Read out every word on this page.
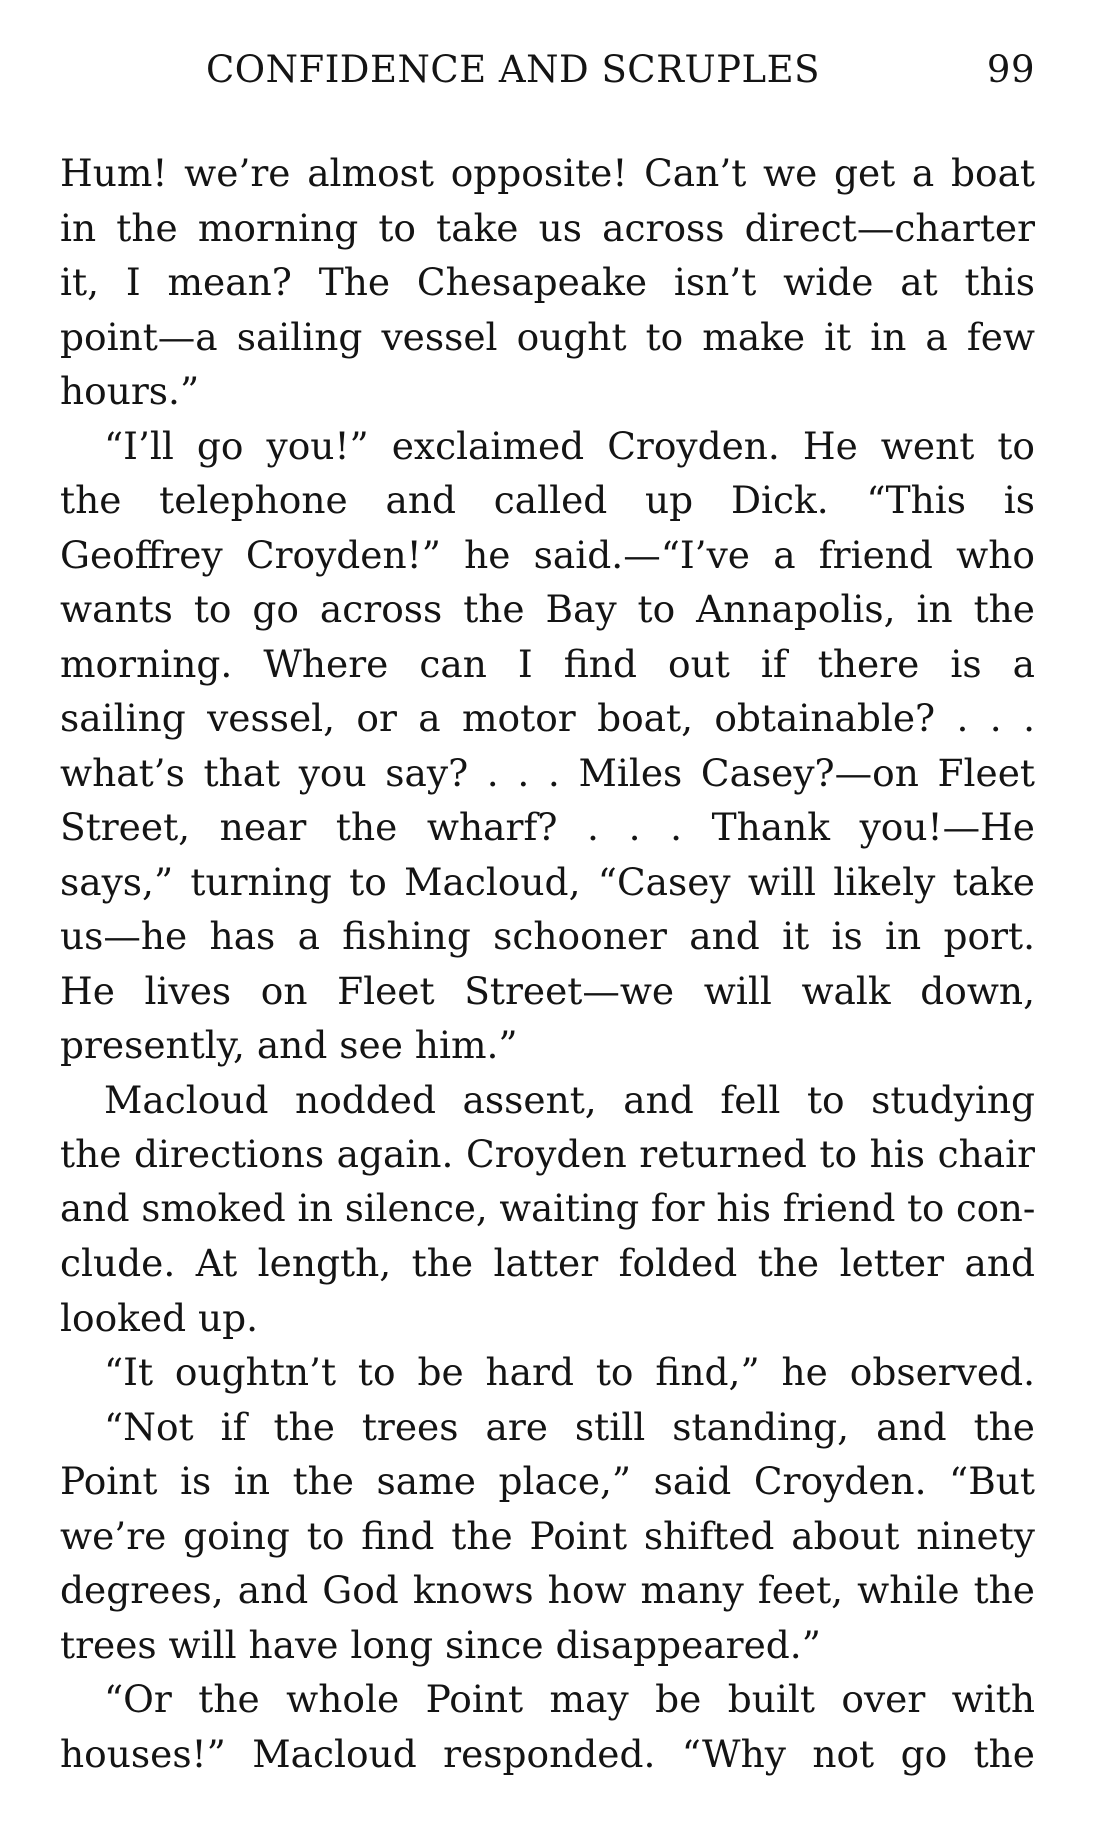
CONFIDENCE AND SCRUPLES	99
Hum! we’re almost opposite! Can’t we get a boat
in the morning to take us across direct—charter
it, I mean? The Chesapeake isn’t wide at this
point—a sailing vessel ought to make it in a few
hours.”
“I’ll go you!” exclaimed Croyden. He went to
the telephone and called up Dick. “This is
Geoffrey Croyden!” he said.—“I’ve a friend who
wants to go across the Bay to Annapolis, in the
morning. Where can I find out if there is a
sailing vessel, or a motor boat, obtainable? . . .
what’s that you say? . . . Miles Casey?—on Fleet
Street, near the wharf? . . . Thank you!—He
says,” turning to Macloud, “Casey will likely take
us—he has a fishing schooner and it is in port.
He lives on Fleet Street—we will walk down,
presently, and see him.”
Macloud nodded assent, and fell to studying
the directions again. Croyden returned to his chair
and smoked in silence, waiting for his friend to con-
clude. At length, the latter folded the letter and
looked up.
“It oughtn’t to be hard to find,” he observed.
“Not if the trees are still standing, and the
Point is in the same place,” said Croyden. “But
we’re going to find the Point shifted about ninety
degrees, and God knows how many feet, while the
trees will have long since disappeared.”
“Or the whole Point may be built over with
houses!” Macloud responded. “Why not go the
